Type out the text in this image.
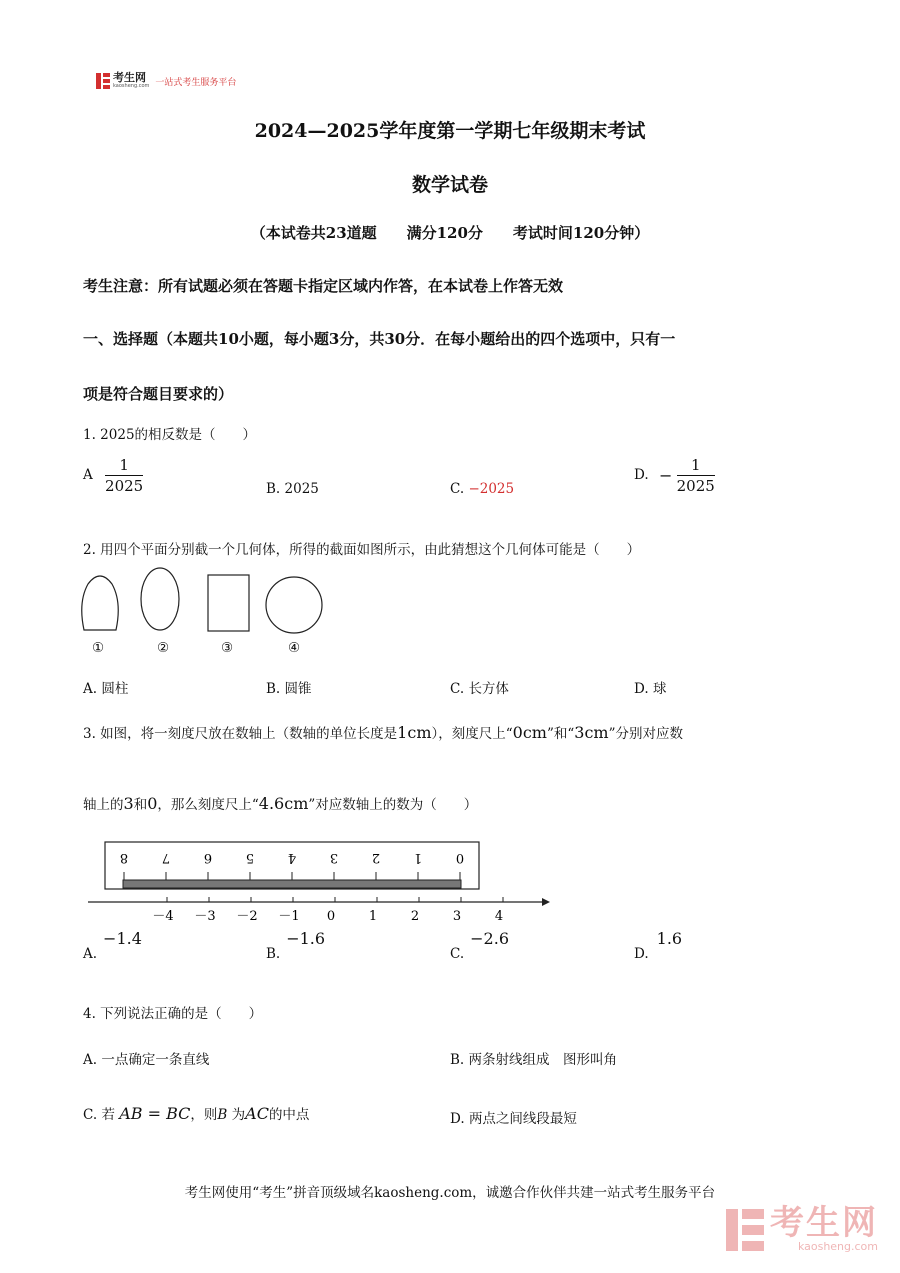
考生网
kaosheng.com 一站式考生服务平台
2024—2025学年度第一学期七年级期末考试
数学试卷
（本试卷共23道题　　满分120分　　考试时间120分钟）
考生注意：所有试题必须在答题卡指定区域内作答，在本试卷上作答无效
一、选择题（本题共10小题，每小题3分，共30分．在每小题给出的四个选项中，只有一
项是符合题目要求的）
1. 2025的相反数是（　　）
A $\frac{1}{2025}$	B. 2025	C. −2025
D. − $\frac{1}{2025}$
2. 用四个平面分别截一个几何体，所得的截面如图所示，由此猜想这个几何体可能是（　　）
①	②	③	④
A. 圆柱	B. 圆锥	C. 长方体	D. 球
3. 如图，将一刻度尺放在数轴上（数轴的单位长度是1cm），刻度尺上“0cm”和“3cm”分别对应数
轴上的3和0，那么刻度尺上“4.6cm”对应数轴上的数为（　　）
8	7	6	5	4	3	2	1	0
－4 －3 －2 －1 0	1	2	3	4
A.−1.4
B.−1.6
C.−2.6
D.1.6
4. 下列说法正确的是（　　）
A. 一点确定一条直线	B. 两条射线组成　图形叫角
C. 若 AB = BC，则B 为AC的中点	D. 两点之间线段最短
考生网使用“考生”拼音顶级域名kaosheng.com，诚邀合作伙伴共建一站式考生服务平台
考生网
kaosheng.com
